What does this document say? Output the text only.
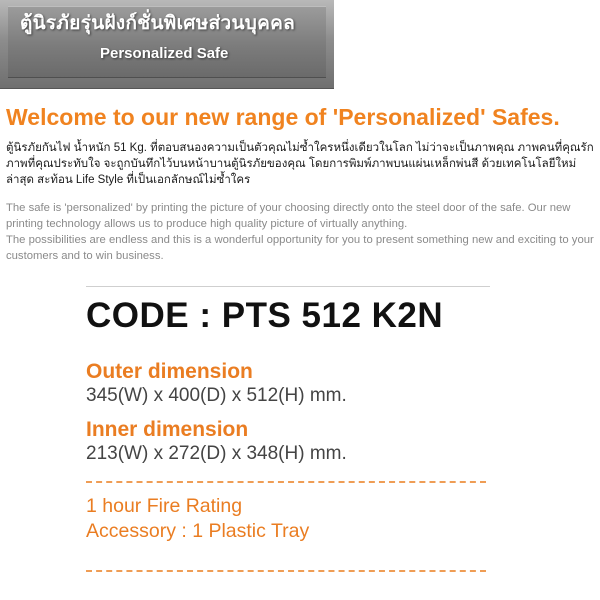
ตู้นิรภัยรุ่นฝังก์ชั่นพิเศษส่วนบุคคล
Personalized Safe
Welcome to our new range of 'Personalized' Safes.
ตู้นิรภัยกันไฟ น้ำหนัก 51 Kg. ที่ตอบสนองความเป็นตัวคุณไม่ซ้ำใครหนึ่งเดียวในโลก ไม่ว่าจะเป็นภาพคุณ ภาพคนที่คุณรัก ภาพที่คุณประทับใจ จะถูกบันทึกไว้บนหน้าบานตู้นิรภัยของคุณ โดยการพิมพ์ภาพบนแผ่นเหล็กพ่นสี ด้วยเทคโนโลยีใหม่ล่าสุด สะท้อน Life Style ที่เป็นเอกลักษณ์ไม่ซ้ำใคร
The safe is 'personalized' by printing the picture of your choosing directly onto the steel door of the safe. Our new printing technology allows us to produce high quality picture of virtually anything.
The possibilities are endless and this is a wonderful opportunity for you to present something new and exciting to your customers and to win business.
CODE : PTS 512 K2N
Outer dimension
345(W) x 400(D) x 512(H) mm.
Inner dimension
213(W) x 272(D) x 348(H) mm.
1 hour Fire Rating
Accessory : 1 Plastic Tray
